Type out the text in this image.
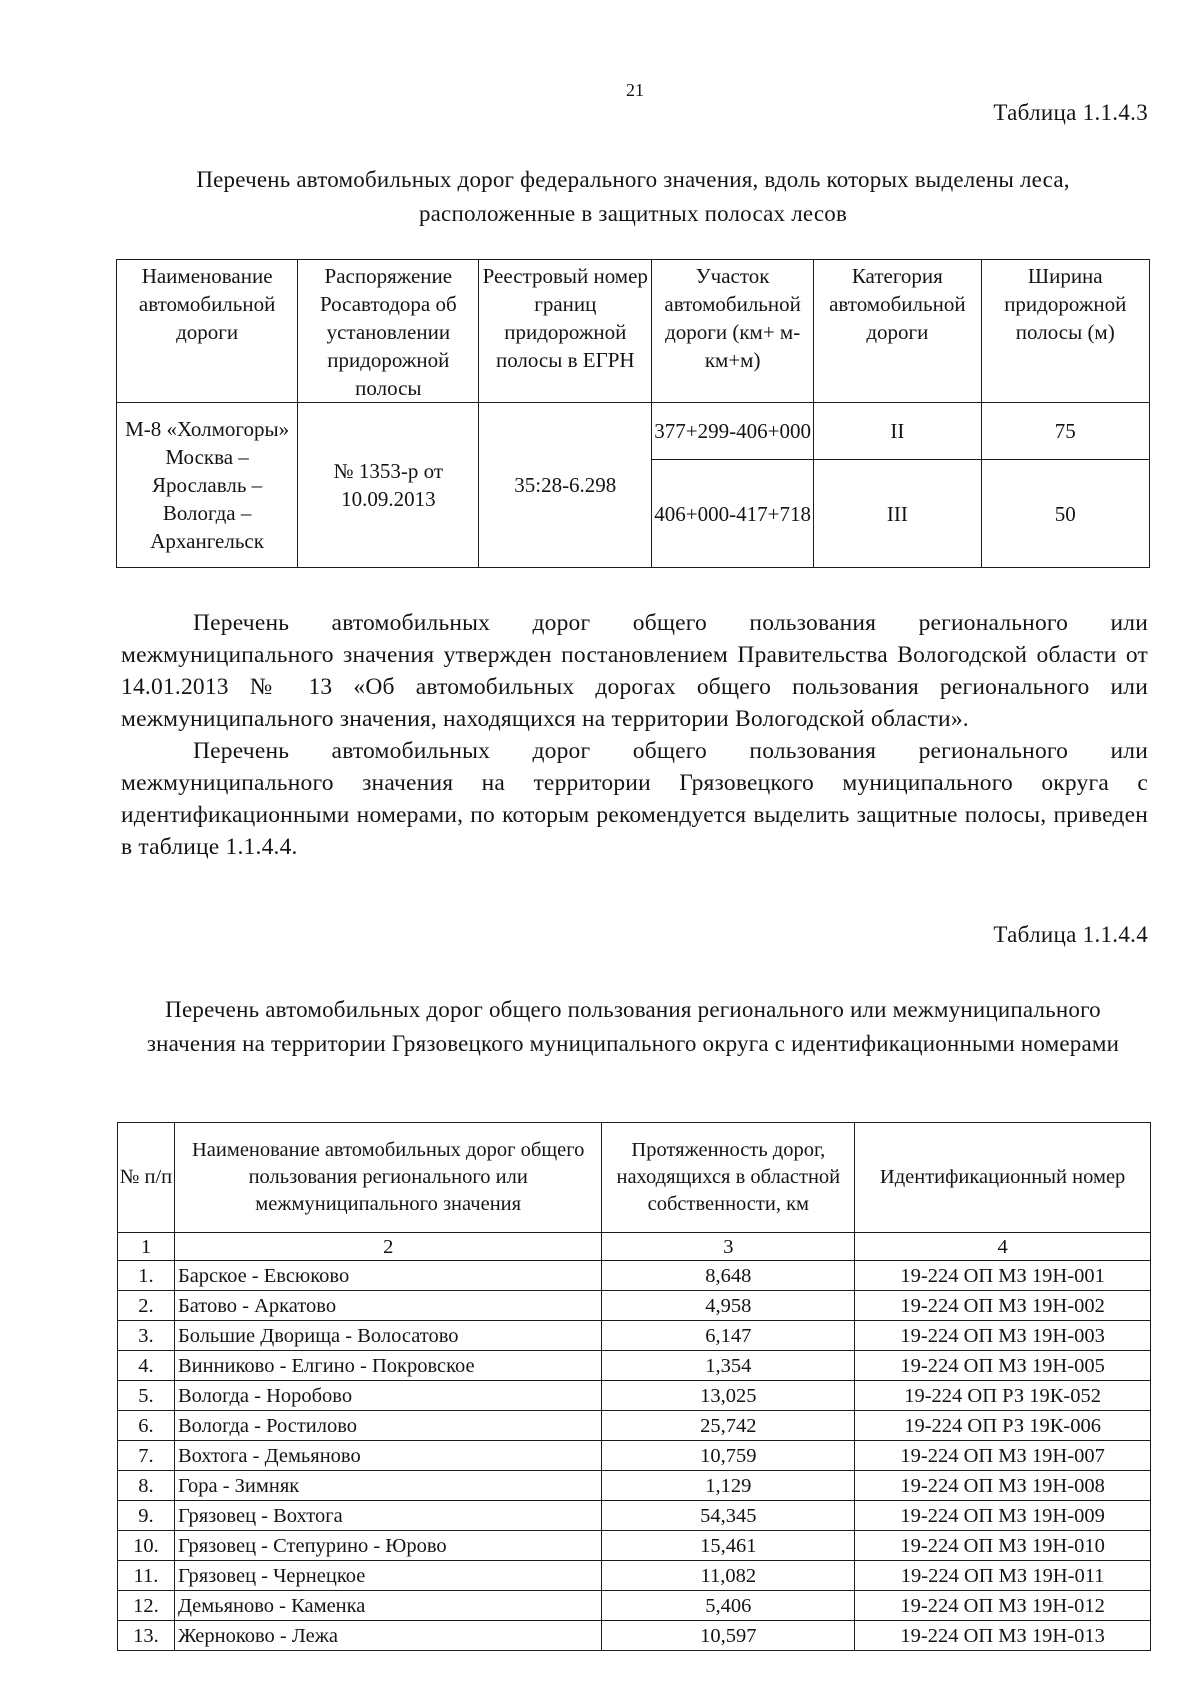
21
Таблица 1.1.4.3
Перечень автомобильных дорог федерального значения, вдоль которых выделены леса, расположенные в защитных полосах лесов
Наименование автомобильной дороги	Распоряжение Росавтодора об установлении придорожной полосы	Реестровый номер границ придорожной полосы в ЕГРН	Участок автомобильной дороги (км+ м-км+м)	Категория автомобильной дороги	Ширина придорожной полосы (м)
М-8 «Холмогоры» Москва – Ярославль – Вологда – Архангельск	№ 1353-р от 10.09.2013	35:28-6.298	377+299-406+000	II	75
			406+000-417+718	III	50

Перечень автомобильных дорог общего пользования регионального или межмуниципального значения утвержден постановлением Правительства Вологодской области от 14.01.2013 № 13 «Об автомобильных дорогах общего пользования регионального или межмуниципального значения, находящихся на территории Вологодской области».

Перечень автомобильных дорог общего пользования регионального или межмуниципального значения на территории Грязовецкого муниципального округа с идентификационными номерами, по которым рекомендуется выделить защитные полосы, приведен в таблице 1.1.4.4.

Таблица 1.1.4.4
Перечень автомобильных дорог общего пользования регионального или межмуниципального значения на территории Грязовецкого муниципального округа с идентификационными номерами
№ п/п	Наименование автомобильных дорог общего пользования регионального или межмуниципального значения	Протяженность дорог, находящихся в областной собственности, км	Идентификационный номер
1	2	3	4
1.	Барское - Евсюково	8,648	19-224 ОП МЗ 19Н-001
2.	Батово - Аркатово	4,958	19-224 ОП МЗ 19Н-002
3.	Большие Дворища - Волосатово	6,147	19-224 ОП МЗ 19Н-003
4.	Винниково - Елгино - Покровское	1,354	19-224 ОП МЗ 19Н-005
5.	Вологда - Норобово	13,025	19-224 ОП РЗ 19К-052
6.	Вологда - Ростилово	25,742	19-224 ОП РЗ 19К-006
7.	Вохтога - Демьяново	10,759	19-224 ОП МЗ 19Н-007
8.	Гора - Зимняк	1,129	19-224 ОП МЗ 19Н-008
9.	Грязовец - Вохтога	54,345	19-224 ОП МЗ 19Н-009
10.	Грязовец - Степурино - Юрово	15,461	19-224 ОП МЗ 19Н-010
11.	Грязовец - Чернецкое	11,082	19-224 ОП МЗ 19Н-011
12.	Демьяново - Каменка	5,406	19-224 ОП МЗ 19Н-012
13.	Жерноково - Лежа	10,597	19-224 ОП МЗ 19Н-013
